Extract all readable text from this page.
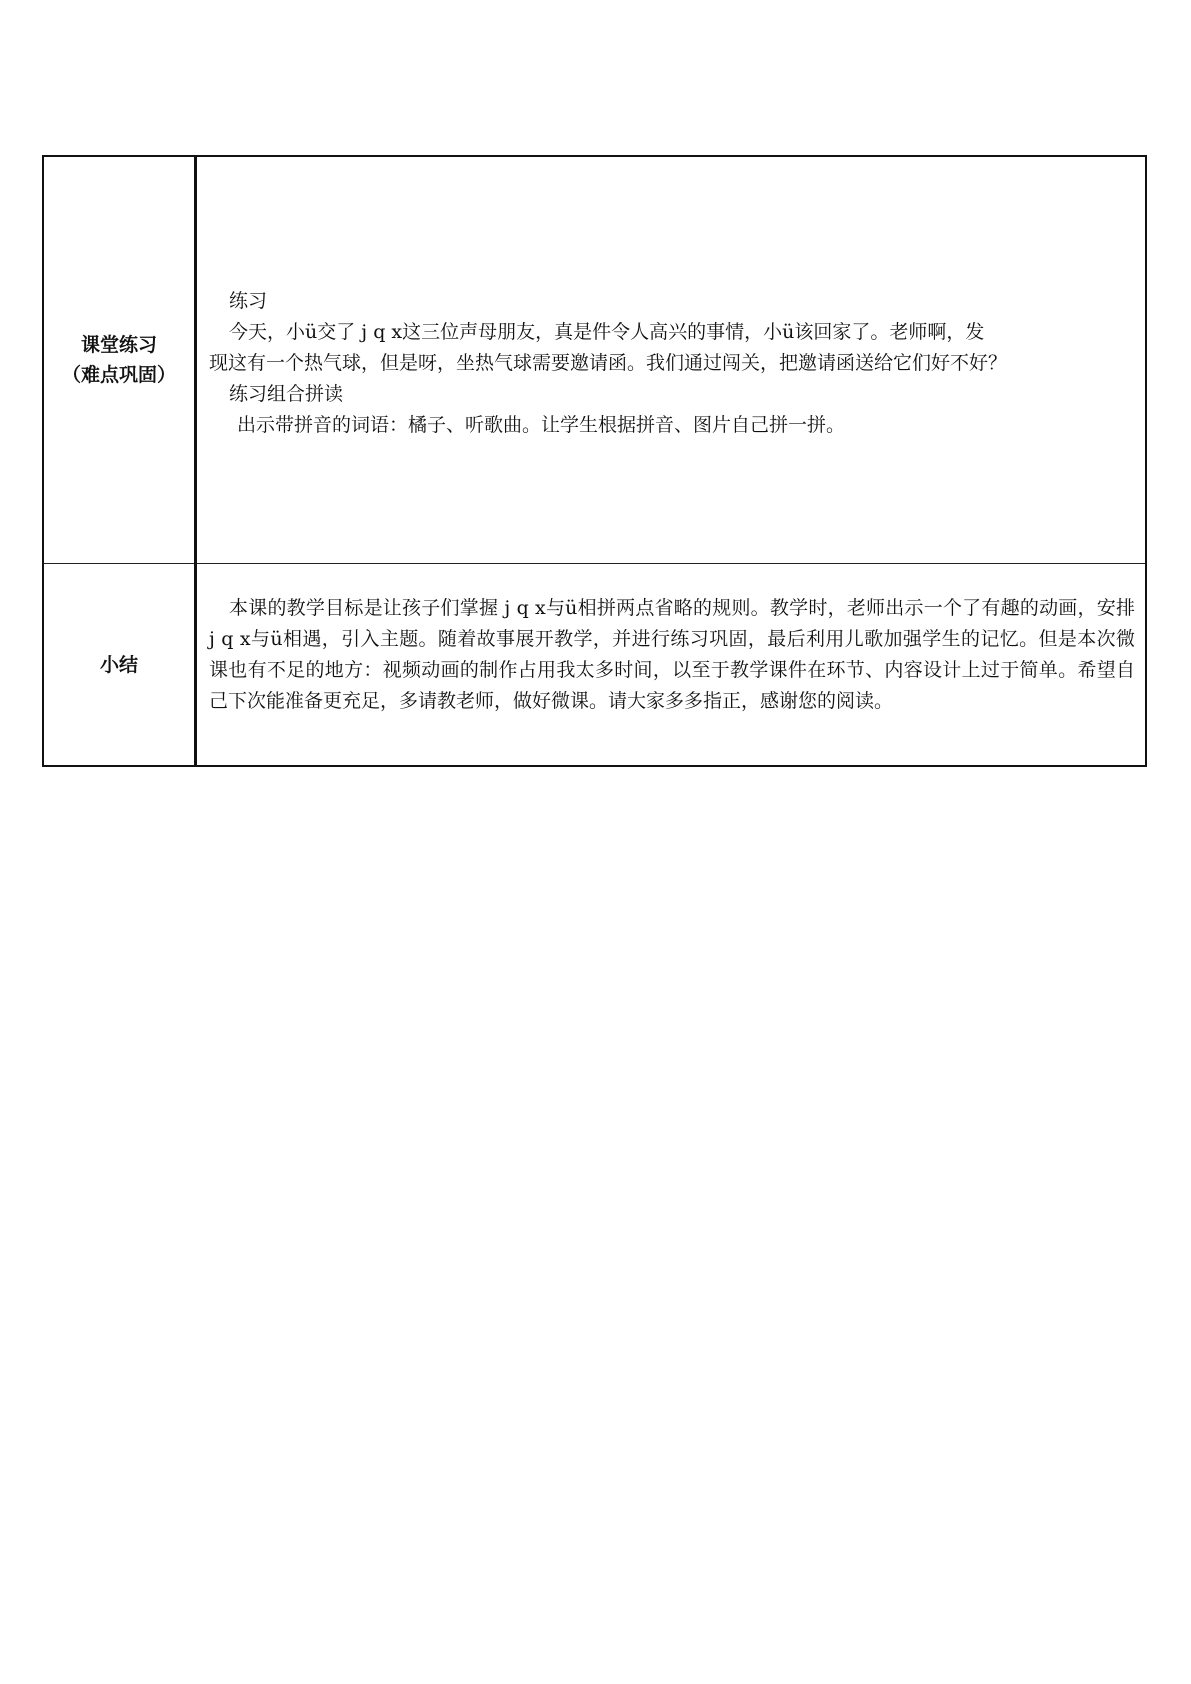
课堂练习
（难点巩固）	练习
今天，小ü交了 j q x这三位声母朋友，真是件令人高兴的事情，小ü该回家了。老师啊，发
现这有一个热气球，但是呀，坐热气球需要邀请函。我们通过闯关，把邀请函送给它们好不好？
练习组合拼读
出示带拼音的词语：橘子、听歌曲。让学生根据拼音、图片自己拼一拼。

小结	本课的教学目标是让孩子们掌握 j q x与ü相拼两点省略的规则。教学时，老师出示一个了有趣的动画，安排 j q x与ü相遇，引入主题。随着故事展开教学，并进行练习巩固，最后利用儿歌加强学生的记忆。但是本次微课也有不足的地方：视频动画的制作占用我太多时间，以至于教学课件在环节、内容设计上过于简单。希望自己下次能准备更充足，多请教老师，做好微课。请大家多多指正，感谢您的阅读。
